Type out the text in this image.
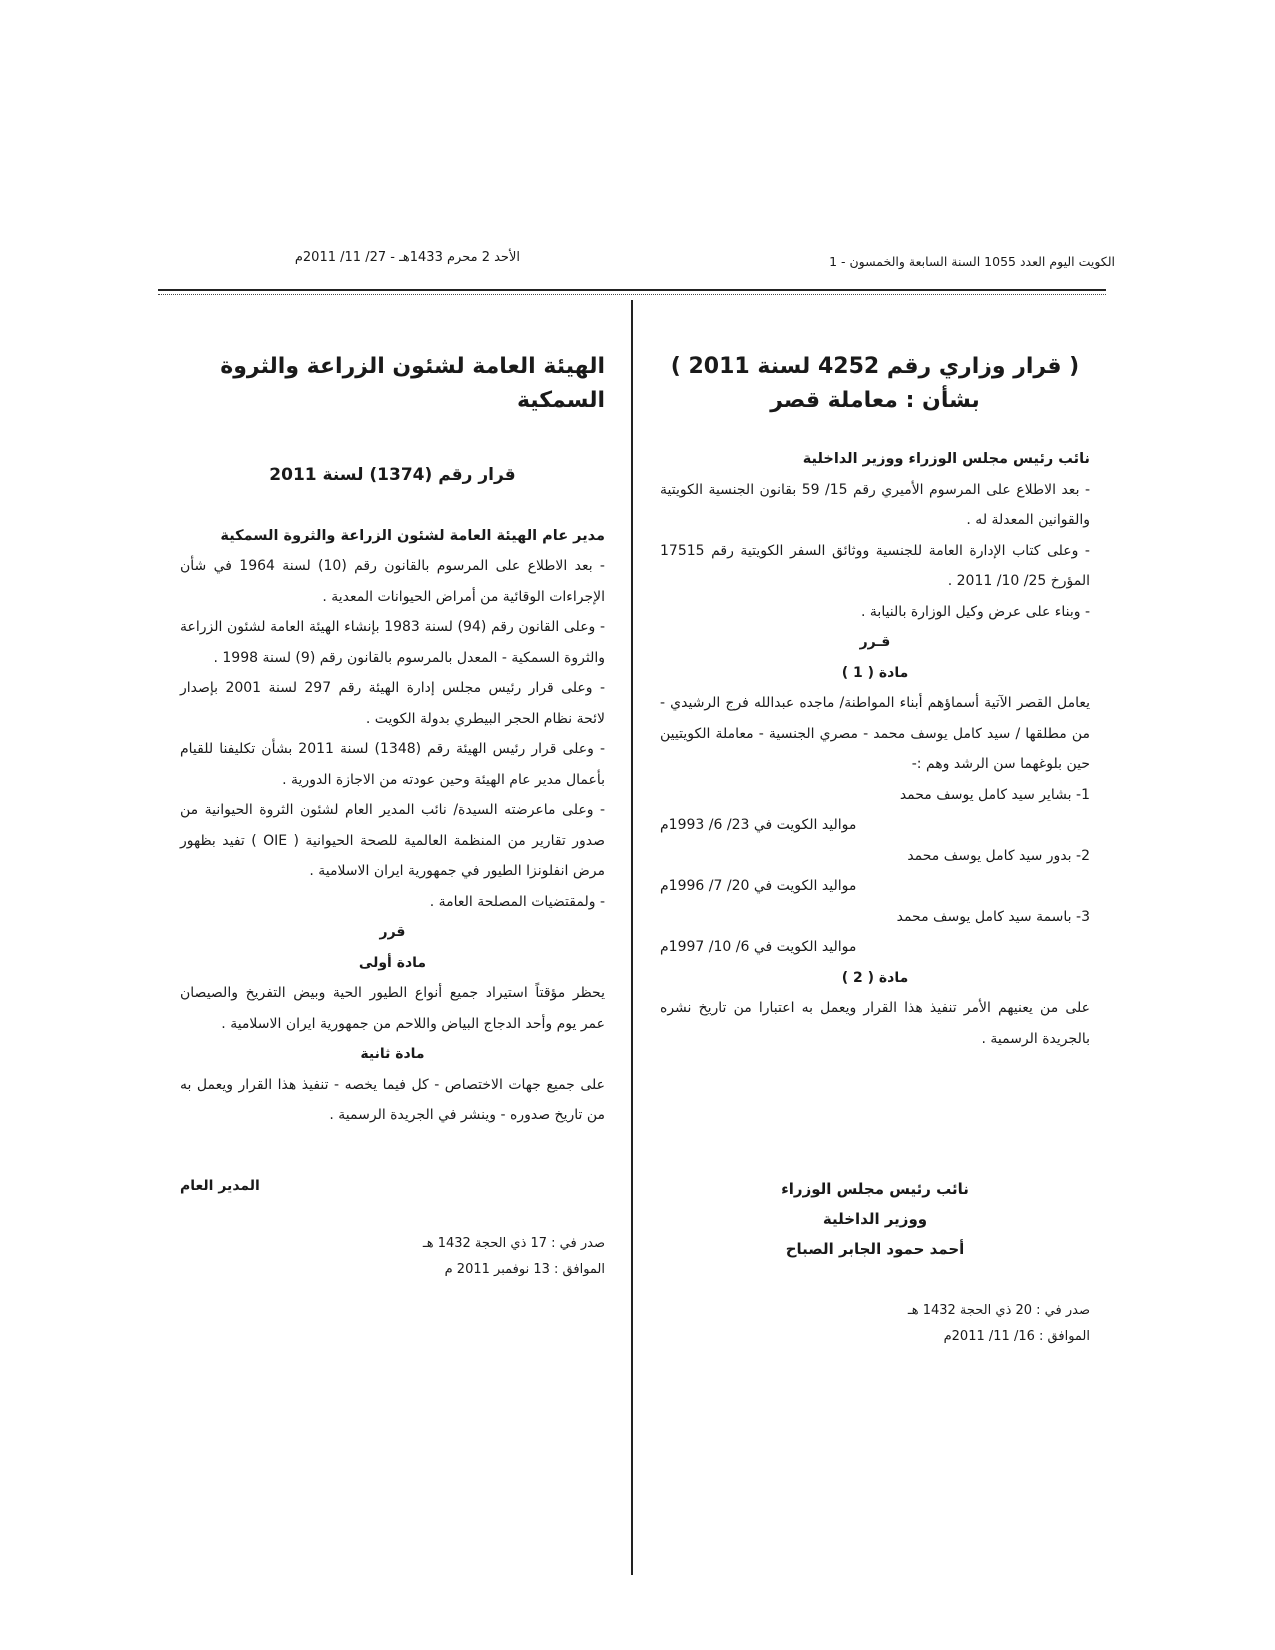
الكويت اليوم العدد 1055 السنة السابعة والخمسون - 1
الأحد 2 محرم 1433هـ - 27/ 11/ 2011م
( قرار وزاري رقم 4252 لسنة 2011 )
بشأن : معاملة قصر
نائب رئيس مجلس الوزراء ووزير الداخلية

- بعد الاطلاع على المرسوم الأميري رقم 15/ 59 بقانون الجنسية الكويتية والقوانين المعدلة له .

- وعلى كتاب الإدارة العامة للجنسية ووثائق السفر الكويتية رقم 17515 المؤرخ 25/ 10/ 2011 .

- وبناء على عرض وكيل الوزارة بالنيابة .

قـرر
مادة ( 1 )

يعامل القصر الآتية أسماؤهم أبناء المواطنة/ ماجده عبدالله فرج الرشيدي - من مطلقها / سيد كامل يوسف محمد - مصري الجنسية - معاملة الكويتيين حين بلوغهما سن الرشد وهم :-

1- بشاير سيد كامل يوسف محمد

مواليد الكويت في 23/ 6/ 1993م

2- بدور سيد كامل يوسف محمد

مواليد الكويت في 20/ 7/ 1996م

3- باسمة سيد كامل يوسف محمد

مواليد الكويت في 6/ 10/ 1997م

مادة ( 2 )

على من يعنيهم الأمر تنفيذ هذا القرار ويعمل به اعتبارا من تاريخ نشره بالجريدة الرسمية .

نائب رئيس مجلس الوزراء
ووزير الداخلية
أحمد حمود الجابر الصباح
صدر في : 20 ذي الحجة 1432 هـ
الموافق : 16/ 11/ 2011م
الهيئة العامة لشئون الزراعة والثروة السمكية
قرار رقم (1374) لسنة 2011
مدير عام الهيئة العامة لشئون الزراعة والثروة السمكية

- بعد الاطلاع على المرسوم بالقانون رقم (10) لسنة 1964 في شأن الإجراءات الوقائية من أمراض الحيوانات المعدية .

- وعلى القانون رقم (94) لسنة 1983 بإنشاء الهيئة العامة لشئون الزراعة والثروة السمكية - المعدل بالمرسوم بالقانون رقم (9) لسنة 1998 .

- وعلى قرار رئيس مجلس إدارة الهيئة رقم 297 لسنة 2001 بإصدار لائحة نظام الحجر البيطري بدولة الكويت .

- وعلى قرار رئيس الهيئة رقم (1348) لسنة 2011 بشأن تكليفنا للقيام بأعمال مدير عام الهيئة وحين عودته من الاجازة الدورية .

- وعلى ماعرضته السيدة/ نائب المدير العام لشئون الثروة الحيوانية من صدور تقارير من المنظمة العالمية للصحة الحيوانية ( OIE ) تفيد بظهور مرض انفلونزا الطيور في جمهورية ايران الاسلامية .

- ولمقتضيات المصلحة العامة .

قرر
مادة أولى

يحظر مؤقتاً استيراد جميع أنواع الطيور الحية وبيض التفريخ والصيصان عمر يوم وأحد الدجاج البياض واللاحم من جمهورية ايران الاسلامية .

مادة ثانية

على جميع جهات الاختصاص - كل فيما يخصه - تنفيذ هذا القرار ويعمل به من تاريخ صدوره - وينشر في الجريدة الرسمية .

المدير العام
صدر في : 17 ذي الحجة 1432 هـ
الموافق : 13 نوفمبر 2011 م
